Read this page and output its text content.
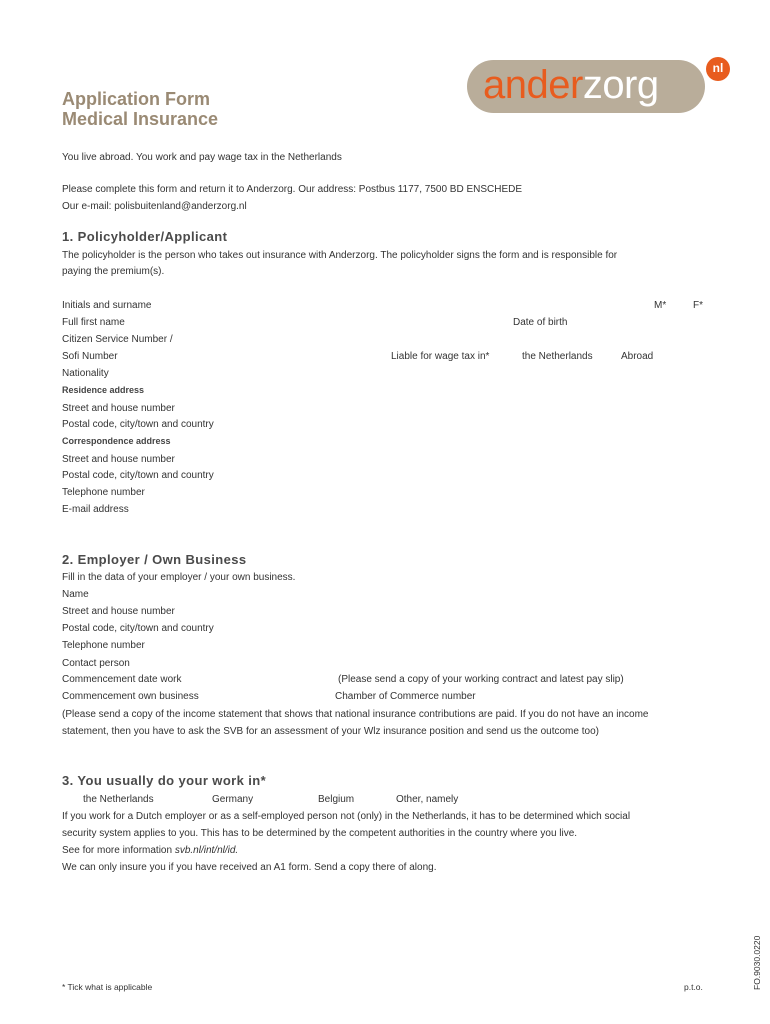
anderzorg	nl
Application Form
Medical Insurance
You live abroad. You work and pay wage tax in the Netherlands
Please complete this form and return it to Anderzorg. Our address: Postbus 1177, 7500 BD ENSCHEDE
Our e-mail: polisbuitenland@anderzorg.nl
1. Policyholder/Applicant
The policyholder is the person who takes out insurance with Anderzorg. The policyholder signs the form and is responsible for
paying the premium(s).
Initials and surname	M*	F*
Full first name	Date of birth
Citizen Service Number /
Sofi Number	Liable for wage tax in*	the Netherlands	Abroad
Nationality
Residence address
Street and house number
Postal code, city/town and country
Correspondence address
Street and house number
Postal code, city/town and country
Telephone number
E-mail address
2. Employer / Own Business
Fill in the data of your employer / your own business.
Name
Street and house number
Postal code, city/town and country
Telephone number
Contact person
Commencement date work	(Please send a copy of your working contract and latest pay slip)
Commencement own business	Chamber of Commerce number
(Please send a copy of the income statement that shows that national insurance contributions are paid. If you do not have an income
statement, then you have to ask the SVB for an assessment of your Wlz insurance position and send us the outcome too)
3. You usually do your work in*
the Netherlands	Germany	Belgium	Other, namely
If you work for a Dutch employer or as a self-employed person not (only) in the Netherlands, it has to be determined which social
security system applies to you. This has to be determined by the competent authorities in the country where you live.
See for more information svb.nl/int/nl/id.
We can only insure you if you have received an A1 form. Send a copy there of along.
* Tick what is applicable	p.t.o.	FO.9030.0220
